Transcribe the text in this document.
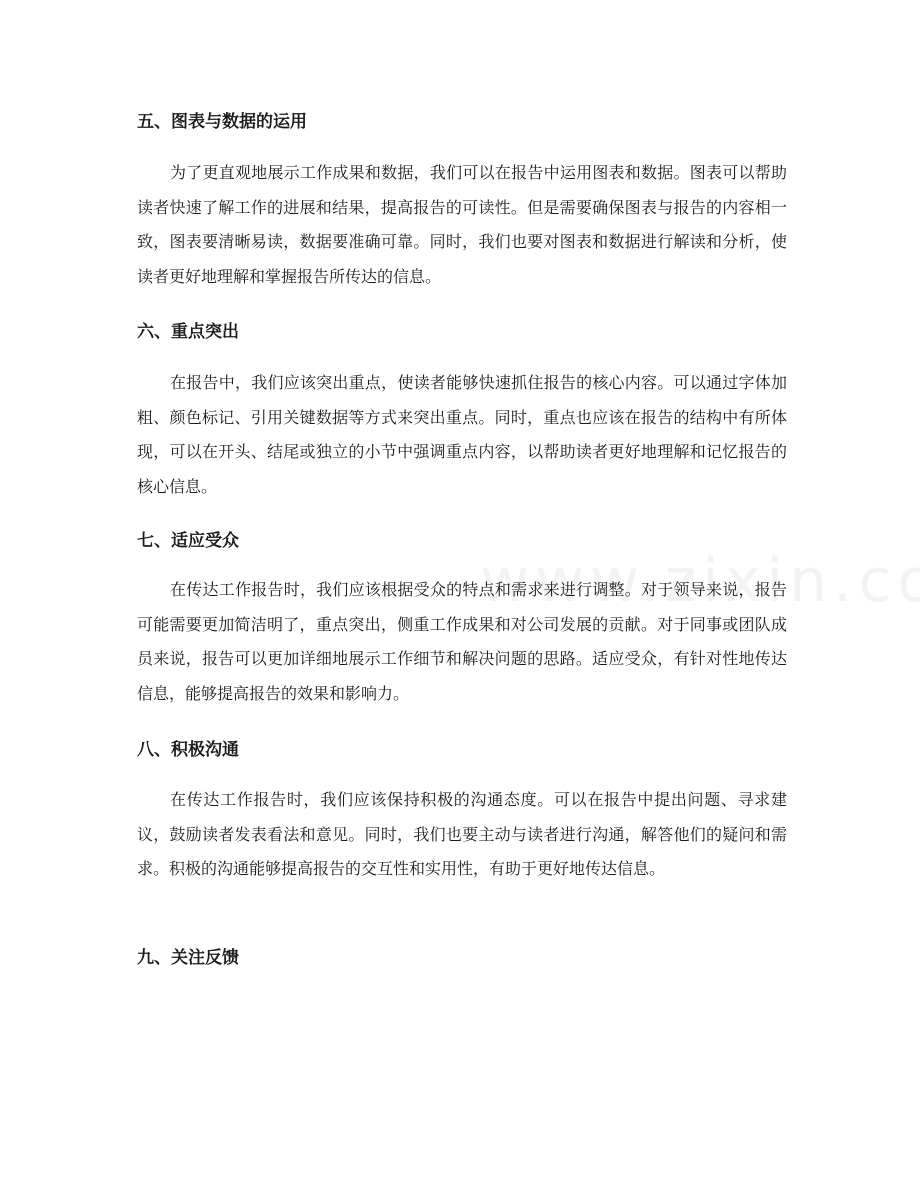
五、图表与数据的运用

为了更直观地展示工作成果和数据，我们可以在报告中运用图表和数据。图表可以帮助读者快速了解工作的进展和结果，提高报告的可读性。但是需要确保图表与报告的内容相一致，图表要清晰易读，数据要准确可靠。同时，我们也要对图表和数据进行解读和分析，使读者更好地理解和掌握报告所传达的信息。

六、重点突出

在报告中，我们应该突出重点，使读者能够快速抓住报告的核心内容。可以通过字体加粗、颜色标记、引用关键数据等方式来突出重点。同时，重点也应该在报告的结构中有所体现，可以在开头、结尾或独立的小节中强调重点内容，以帮助读者更好地理解和记忆报告的核心信息。

七、适应受众

在传达工作报告时，我们应该根据受众的特点和需求来进行调整。对于领导来说，报告可能需要更加简洁明了，重点突出，侧重工作成果和对公司发展的贡献。对于同事或团队成员来说，报告可以更加详细地展示工作细节和解决问题的思路。适应受众，有针对性地传达信息，能够提高报告的效果和影响力。

八、积极沟通

在传达工作报告时，我们应该保持积极的沟通态度。可以在报告中提出问题、寻求建议，鼓励读者发表看法和意见。同时，我们也要主动与读者进行沟通，解答他们的疑问和需求。积极的沟通能够提高报告的交互性和实用性，有助于更好地传达信息。

九、关注反馈
